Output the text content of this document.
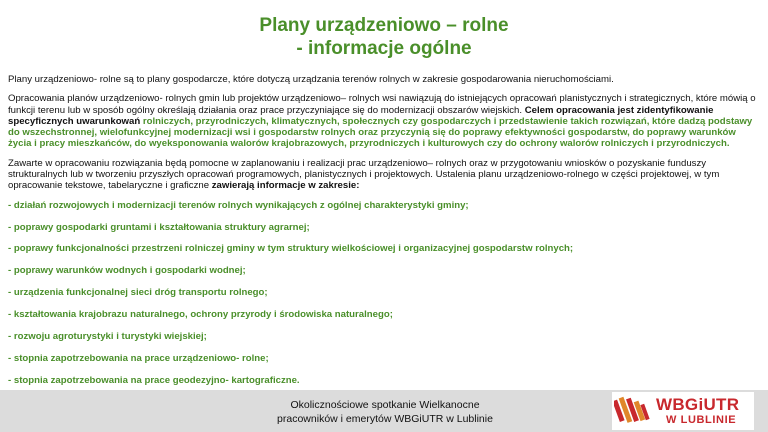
Plany urządzeniowo – rolne
- informacje ogólne

Plany urządzeniowo- rolne są to plany gospodarcze, które dotyczą urządzania terenów rolnych w zakresie gospodarowania nieruchomościami.

Opracowania planów urządzeniowo- rolnych gmin lub projektów urządzeniowo– rolnych wsi nawiązują do istniejących opracowań planistycznych i strategicznych, które mówią o funkcji terenu lub w sposób ogólny określają działania oraz prace przyczyniające się do modernizacji obszarów wiejskich. Celem opracowania jest zidentyfikowanie specyficznych uwarunkowań rolniczych, przyrodniczych, klimatycznych, społecznych czy gospodarczych i przedstawienie takich rozwiązań, które dadzą podstawy do wszechstronnej, wielofunkcyjnej modernizacji wsi i gospodarstw rolnych oraz przyczynią się do poprawy efektywności gospodarstw, do poprawy warunków życia i pracy mieszkańców, do wyeksponowania walorów krajobrazowych, przyrodniczych i kulturowych czy do ochrony walorów rolniczych i przyrodniczych.

Zawarte w opracowaniu rozwiązania będą pomocne w zaplanowaniu i realizacji prac urządzeniowo– rolnych oraz w przygotowaniu wniosków o pozyskanie funduszy strukturalnych lub w tworzeniu przyszłych opracowań programowych, planistycznych i projektowych. Ustalenia planu urządzeniowo-rolnego w części projektowej, w tym opracowanie tekstowe, tabelaryczne i graficzne zawierają informacje w zakresie:

- działań rozwojowych i modernizacji terenów rolnych wynikających z ogólnej charakterystyki gminy;
- poprawy gospodarki gruntami i kształtowania struktury agrarnej;
- poprawy funkcjonalności przestrzeni rolniczej gminy w tym struktury wielkościowej i organizacyjnej gospodarstw rolnych;
- poprawy warunków wodnych i gospodarki wodnej;
- urządzenia funkcjonalnej sieci dróg transportu rolnego;
- kształtowania krajobrazu naturalnego, ochrony przyrody i środowiska naturalnego;
- rozwoju agroturystyki i turystyki wiejskiej;
- stopnia zapotrzebowania na prace urządzeniowo- rolne;
- stopnia zapotrzebowania na prace geodezyjno- kartograficzne.
Okolicznościowe spotkanie Wielkanocne
pracowników i emerytów WBGiUTR w Lublinie
WBGiUTR
W LUBLINIE
